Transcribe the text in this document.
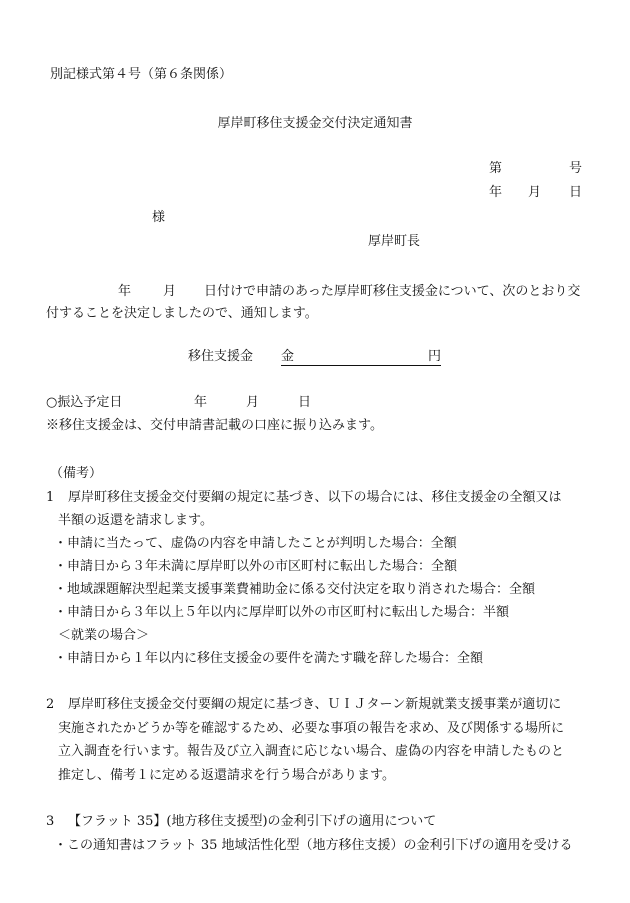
別記様式第４号（第６条関係）
厚岸町移住支援金交付決定通知書
第	号
年 月 日
様
厚岸町長
年 月 日付けで申請のあった厚岸町移住支援金について、次のとおり交
付することを決定しましたので、通知します。
移住支援金 金	円
○振込予定日	年	月	日
※移住支援金は、交付申請書記載の口座に振り込みます。
（備考）
1	厚岸町移住支援金交付要綱の規定に基づき、以下の場合には、移住支援金の全額又は
半額の返還を請求します。
・申請に当たって、虚偽の内容を申請したことが判明した場合：全額
・申請日から３年未満に厚岸町以外の市区町村に転出した場合：全額
・地域課題解決型起業支援事業費補助金に係る交付決定を取り消された場合：全額
・申請日から３年以上５年以内に厚岸町以外の市区町村に転出した場合：半額
＜就業の場合＞
・申請日から１年以内に移住支援金の要件を満たす職を辞した場合：全額
2	厚岸町移住支援金交付要綱の規定に基づき、ＵＩＪターン新規就業支援事業が適切に
実施されたかどうか等を確認するため、必要な事項の報告を求め、及び関係する場所に
立入調査を行います。報告及び立入調査に応じない場合、虚偽の内容を申請したものと
推定し、備考１に定める返還請求を行う場合があります。
3	【フラット 35】(地方移住支援型)の金利引下げの適用について
・この通知書はフラット 35 地域活性化型（地方移住支援）の金利引下げの適用を受ける
